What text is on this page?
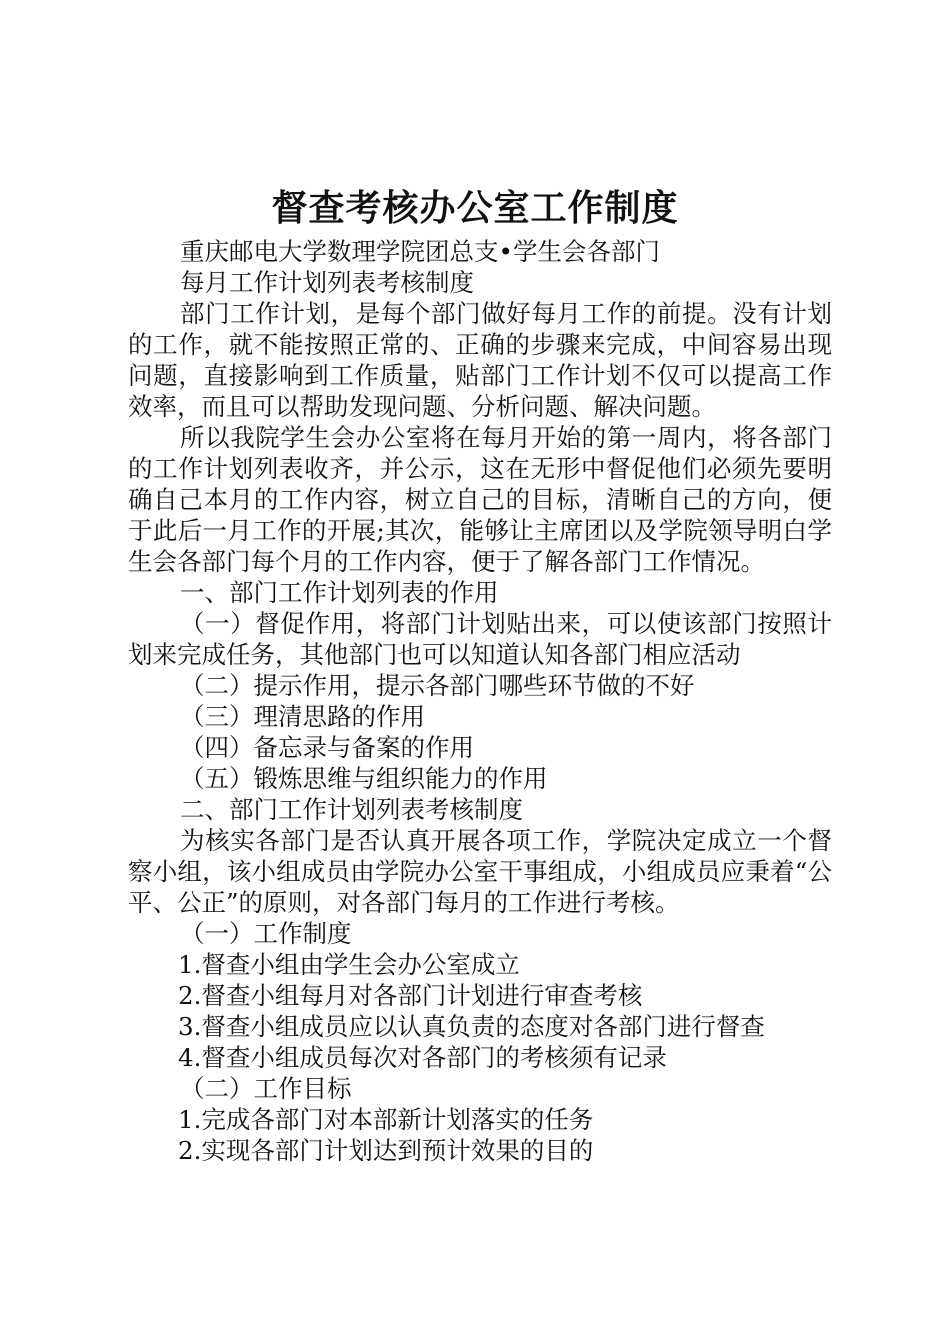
督查考核办公室工作制度

重庆邮电大学数理学院团总支•学生会各部门

每月工作计划列表考核制度

部门工作计划，是每个部门做好每月工作的前提。没有计划的工作，就不能按照正常的、正确的步骤来完成，中间容易出现问题，直接影响到工作质量，贴部门工作计划不仅可以提高工作效率，而且可以帮助发现问题、分析问题、解决问题。

所以我院学生会办公室将在每月开始的第一周内，将各部门的工作计划列表收齐，并公示，这在无形中督促他们必须先要明确自己本月的工作内容，树立自己的目标，清晰自己的方向，便于此后一月工作的开展;其次，能够让主席团以及学院领导明白学生会各部门每个月的工作内容，便于了解各部门工作情况。

一、部门工作计划列表的作用

（一）督促作用，将部门计划贴出来，可以使该部门按照计划来完成任务，其他部门也可以知道认知各部门相应活动

（二）提示作用，提示各部门哪些环节做的不好

（三）理清思路的作用

（四）备忘录与备案的作用

（五）锻炼思维与组织能力的作用

二、部门工作计划列表考核制度

为核实各部门是否认真开展各项工作，学院决定成立一个督察小组，该小组成员由学院办公室干事组成，小组成员应秉着“公平、公正”的原则，对各部门每月的工作进行考核。

（一）工作制度

1.督查小组由学生会办公室成立

2.督查小组每月对各部门计划进行审查考核

3.督查小组成员应以认真负责的态度对各部门进行督查

4.督查小组成员每次对各部门的考核须有记录

（二）工作目标

1.完成各部门对本部新计划落实的任务

2.实现各部门计划达到预计效果的目的
